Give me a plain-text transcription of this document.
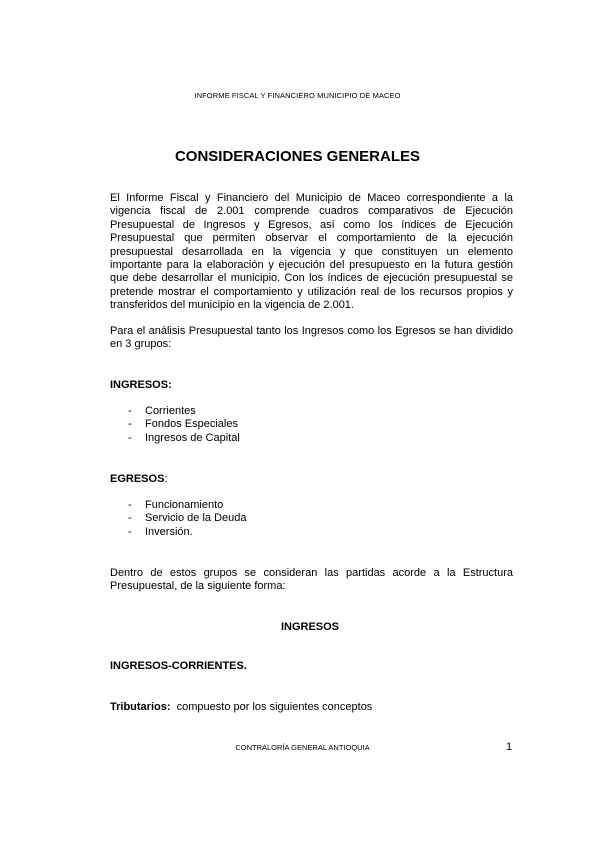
INFORME FISCAL Y FINANCIERO MUNICIPIO DE MACEO
CONSIDERACIONES GENERALES

El Informe Fiscal y Financiero del Municipio de Maceo correspondiente a la vigencia fiscal de 2.001 comprende cuadros comparativos de Ejecución Presupuestal de Ingresos y Egresos, así como los índices de Ejecución Presupuestal que permiten observar el comportamiento de la ejecución presupuestal desarrollada en la vigencia y que constituyen un elemento importante para la elaboración y ejecución del presupuesto en la futura gestión que debe desarrollar el municipio. Con los índices de ejecución presupuestal se pretende mostrar el comportamiento y utilización real de los recursos propios y transferidos del municipio en la vigencia de 2.001.

Para el análisis Presupuestal tanto los Ingresos como los Egresos se han dividido en 3 grupos:

INGRESOS:
- Corrientes
- Fondos Especiales
- Ingresos de Capital
EGRESOS:
- Funcionamiento
- Servicio de la Deuda
- Inversión.

Dentro de estos grupos se consideran las partidas acorde a la Estructura Presupuestal, de la siguiente forma:

INGRESOS
INGRESOS-CORRIENTES.
Tributarios: compuesto por los siguientes conceptos
CONTRALORÍA GENERAL ANTIOQUIA	1
